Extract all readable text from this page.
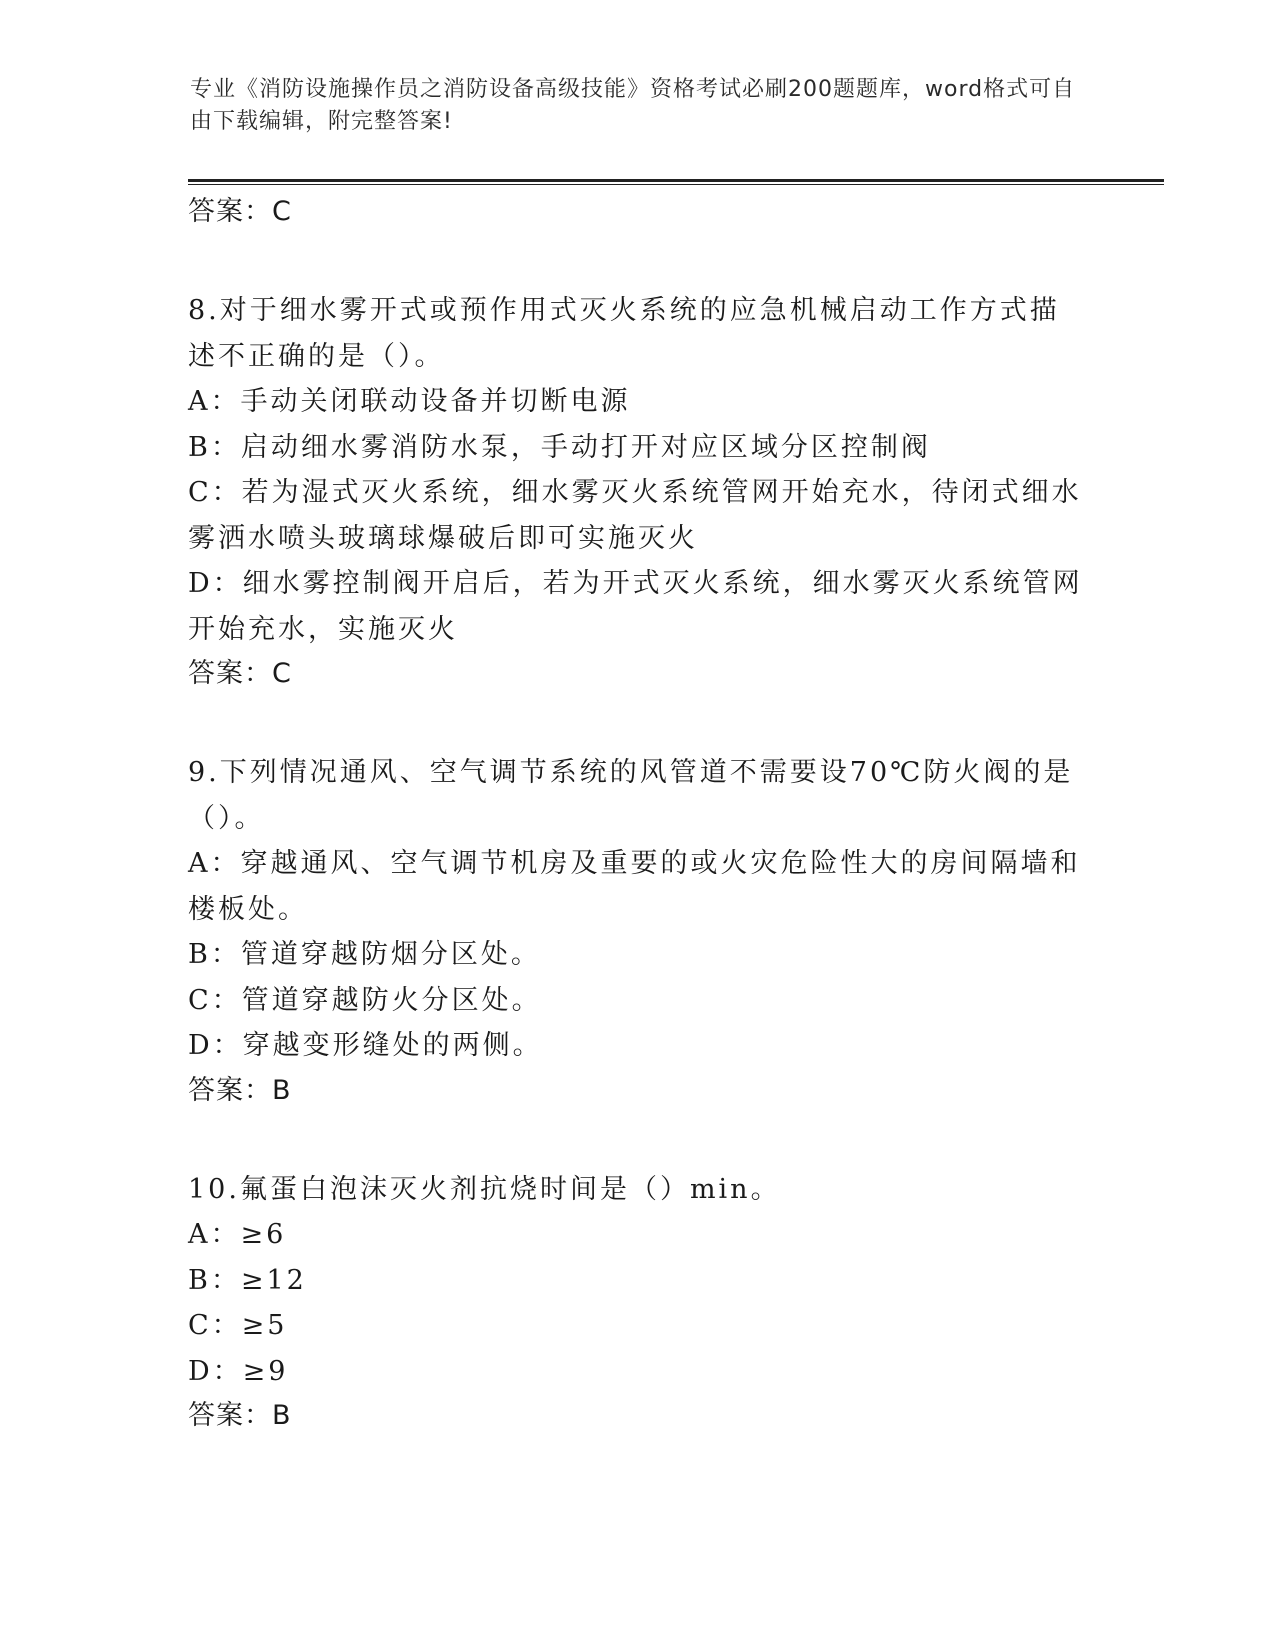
专业《消防设施操作员之消防设备高级技能》资格考试必刷200题题库，word格式可自由下载编辑，附完整答案!
答案：C
8.对于细水雾开式或预作用式灭火系统的应急机械启动工作方式描述不正确的是（）。
A：手动关闭联动设备并切断电源
B：启动细水雾消防水泵，手动打开对应区域分区控制阀
C：若为湿式灭火系统，细水雾灭火系统管网开始充水，待闭式细水雾洒水喷头玻璃球爆破后即可实施灭火
D：细水雾控制阀开启后，若为开式灭火系统，细水雾灭火系统管网开始充水，实施灭火
答案：C
9.下列情况通风、空气调节系统的风管道不需要设70℃防火阀的是（）。
A：穿越通风、空气调节机房及重要的或火灾危险性大的房间隔墙和楼板处。
B：管道穿越防烟分区处。
C：管道穿越防火分区处。
D：穿越变形缝处的两侧。
答案：B
10.氟蛋白泡沫灭火剂抗烧时间是（）min。
A：≥6
B：≥12
C：≥5
D：≥9
答案：B
